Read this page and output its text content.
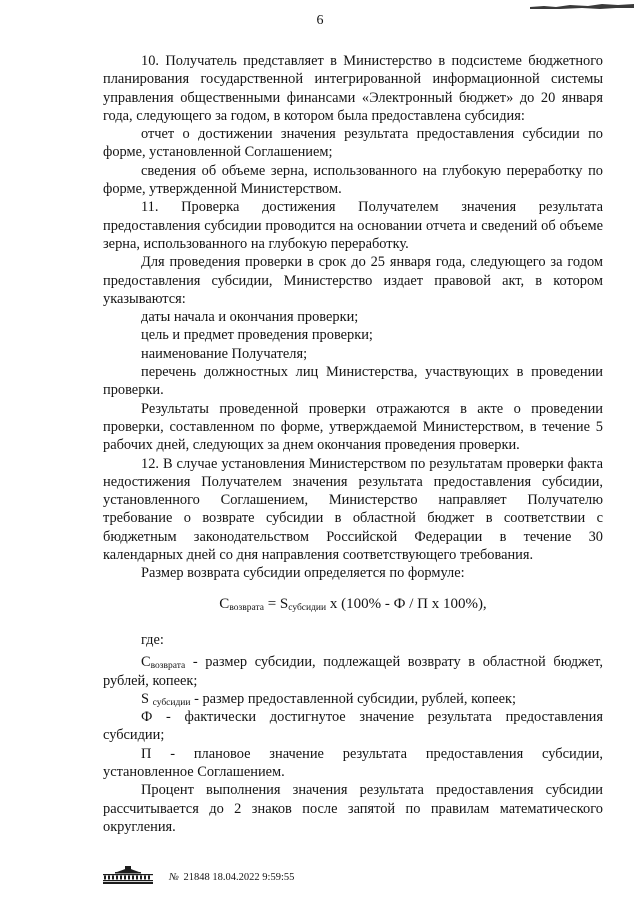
6

10. Получатель представляет в Министерство в подсистеме бюджетного планирования государственной интегрированной информационной системы управления общественными финансами «Электронный бюджет» до 20 января года, следующего за годом, в котором была предоставлена субсидия:

отчет о достижении значения результата предоставления субсидии по форме, установленной Соглашением;

сведения об объеме зерна, использованного на глубокую переработку по форме, утвержденной Министерством.

11. Проверка достижения Получателем значения результата предоставления субсидии проводится на основании отчета и сведений об объеме зерна, использованного на глубокую переработку.

Для проведения проверки в срок до 25 января года, следующего за годом предоставления субсидии, Министерство издает правовой акт, в котором указываются:

даты начала и окончания проверки;

цель и предмет проведения проверки;

наименование Получателя;

перечень должностных лиц Министерства, участвующих в проведении проверки.

Результаты проведенной проверки отражаются в акте о проведении проверки, составленном по форме, утверждаемой Министерством, в течение 5 рабочих дней, следующих за днем окончания проведения проверки.

12. В случае установления Министерством по результатам проверки факта недостижения Получателем значения результата предоставления субсидии, установленного Соглашением, Министерство направляет Получателю требование о возврате субсидии в областной бюджет в соответствии с бюджетным законодательством Российской Федерации в течение 30 календарных дней со дня направления соответствующего требования.

Размер возврата субсидии определяется по формуле:

$C_{возврата} = S_{субсидии}$ x (100% - Ф / П x 100%),

где:

$C_{возврата}$ - размер субсидии, подлежащей возврату в областной бюджет, рублей, копеек;

S $_{субсидии}$ - размер предоставленной субсидии, рублей, копеек;

Ф - фактически достигнутое значение результата предоставления субсидии;

П - плановое значение результата предоставления субсидии, установленное Соглашением.

Процент выполнения значения результата предоставления субсидии рассчитывается до 2 знаков после запятой по правилам математического округления.

№ 21848 18.04.2022 9:59:55
